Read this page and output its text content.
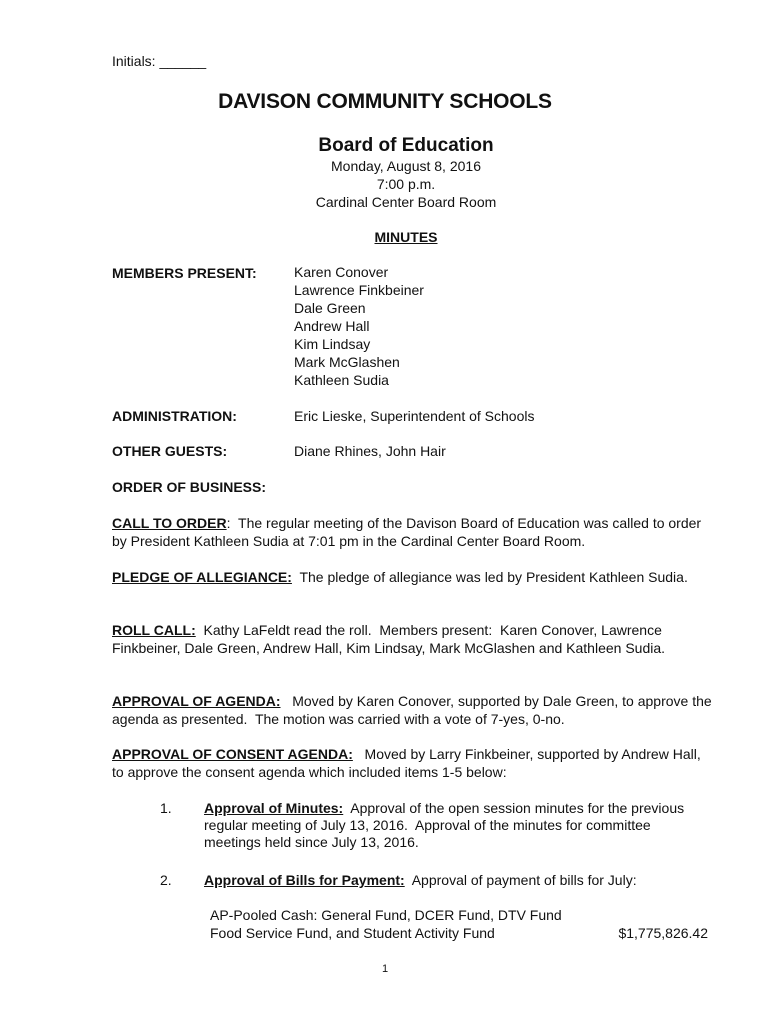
Initials: ______
DAVISON COMMUNITY SCHOOLS
Board of Education
Monday, August 8, 2016
7:00 p.m.
Cardinal Center Board Room
MINUTES
MEMBERS PRESENT:	Karen Conover
Lawrence Finkbeiner
Dale Green
Andrew Hall
Kim Lindsay
Mark McGlashen
Kathleen Sudia
ADMINISTRATION:	Eric Lieske, Superintendent of Schools
OTHER GUESTS:	Diane Rhines, John Hair
ORDER OF BUSINESS:

CALL TO ORDER:  The regular meeting of the Davison Board of Education was called to order by President Kathleen Sudia at 7:01 pm in the Cardinal Center Board Room.

PLEDGE OF ALLEGIANCE:  The pledge of allegiance was led by President Kathleen Sudia.

ROLL CALL:  Kathy LaFeldt read the roll.  Members present:  Karen Conover, Lawrence Finkbeiner, Dale Green, Andrew Hall, Kim Lindsay, Mark McGlashen and Kathleen Sudia.

APPROVAL OF AGENDA:   Moved by Karen Conover, supported by Dale Green, to approve the agenda as presented.  The motion was carried with a vote of 7-yes, 0-no.

APPROVAL OF CONSENT AGENDA:   Moved by Larry Finkbeiner, supported by Andrew Hall, to approve the consent agenda which included items 1-5 below:

1. Approval of Minutes:  Approval of the open session minutes for the previous regular meeting of July 13, 2016.  Approval of the minutes for committee meetings held since July 13, 2016.

2. Approval of Bills for Payment:  Approval of payment of bills for July:

AP-Pooled Cash: General Fund, DCER Fund, DTV Fund
Food Service Fund, and Student Activity Fund	$1,775,826.42
1
